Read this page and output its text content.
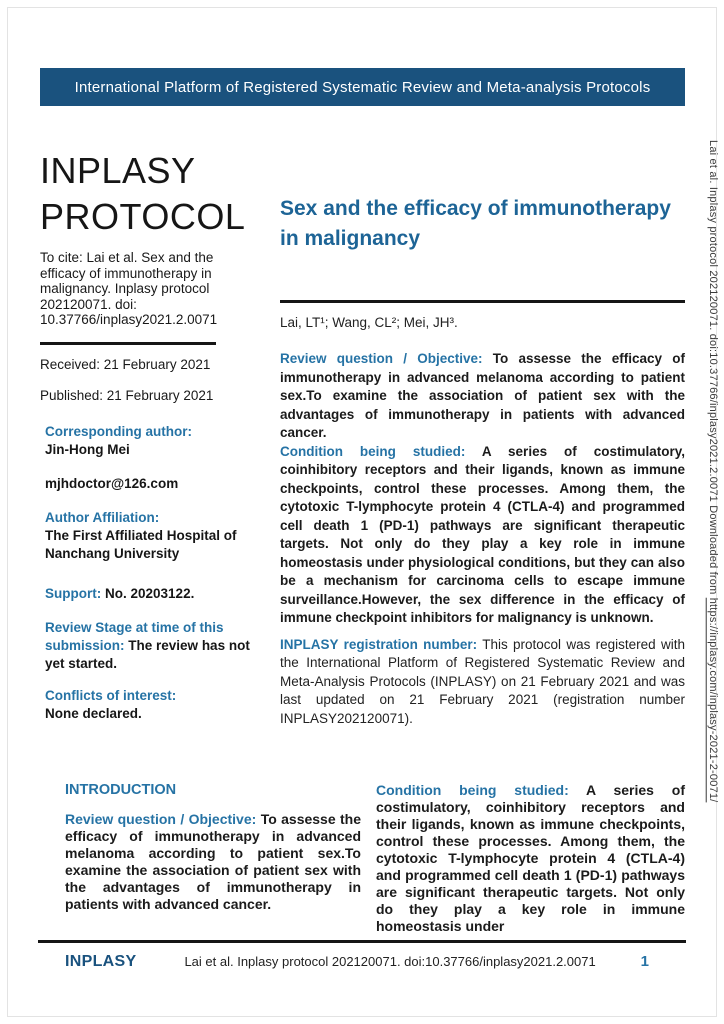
International Platform of Registered Systematic Review and Meta-analysis Protocols
INPLASY
PROTOCOL

To cite: Lai et al. Sex and the efficacy of immunotherapy in malignancy. Inplasy protocol 202120071. doi: 10.37766/inplasy2021.2.0071

Received: 21 February 2021

Published: 21 February 2021

Corresponding author:
Jin-Hong Mei
mjhdoctor@126.com
Author Affiliation:
The First Affiliated Hospital of Nanchang University
Support: No. 20203122.
Review Stage at time of this submission: The review has not yet started.
Conflicts of interest:
None declared.
Sex and the efficacy of immunotherapy in malignancy

Lai, LT¹; Wang, CL²; Mei, JH³.

Review question / Objective: To assesse the efficacy of immunotherapy in advanced melanoma according to patient sex.To examine the association of patient sex with the advantages of immunotherapy in patients with advanced cancer.

Condition being studied: A series of costimulatory, coinhibitory receptors and their ligands, known as immune checkpoints, control these processes. Among them, the cytotoxic T-lymphocyte protein 4 (CTLA-4) and programmed cell death 1 (PD-1) pathways are significant therapeutic targets. Not only do they play a key role in immune homeostasis under physiological conditions, but they can also be a mechanism for carcinoma cells to escape immune surveillance.However, the sex difference in the efficacy of immune checkpoint inhibitors for malignancy is unknown.

INPLASY registration number: This protocol was registered with the International Platform of Registered Systematic Review and Meta-Analysis Protocols (INPLASY) on 21 February 2021 and was last updated on 21 February 2021 (registration number INPLASY202120071).

INTRODUCTION

Review question / Objective: To assesse the efficacy of immunotherapy in advanced melanoma according to patient sex.To examine the association of patient sex with the advantages of immunotherapy in patients with advanced cancer.

Condition being studied: A series of costimulatory, coinhibitory receptors and their ligands, known as immune checkpoints, control these processes. Among them, the cytotoxic T-lymphocyte protein 4 (CTLA-4) and programmed cell death 1 (PD-1) pathways are significant therapeutic targets. Not only do they play a key role in immune homeostasis under

INPLASY	Lai et al. Inplasy protocol 202120071. doi:10.37766/inplasy2021.2.0071	1
Lai et al. Inplasy protocol 202120071. doi:10.37766/inplasy2021.2.0071 Downloaded from https://inplasy.com/inplasy-2021-2-0071/
